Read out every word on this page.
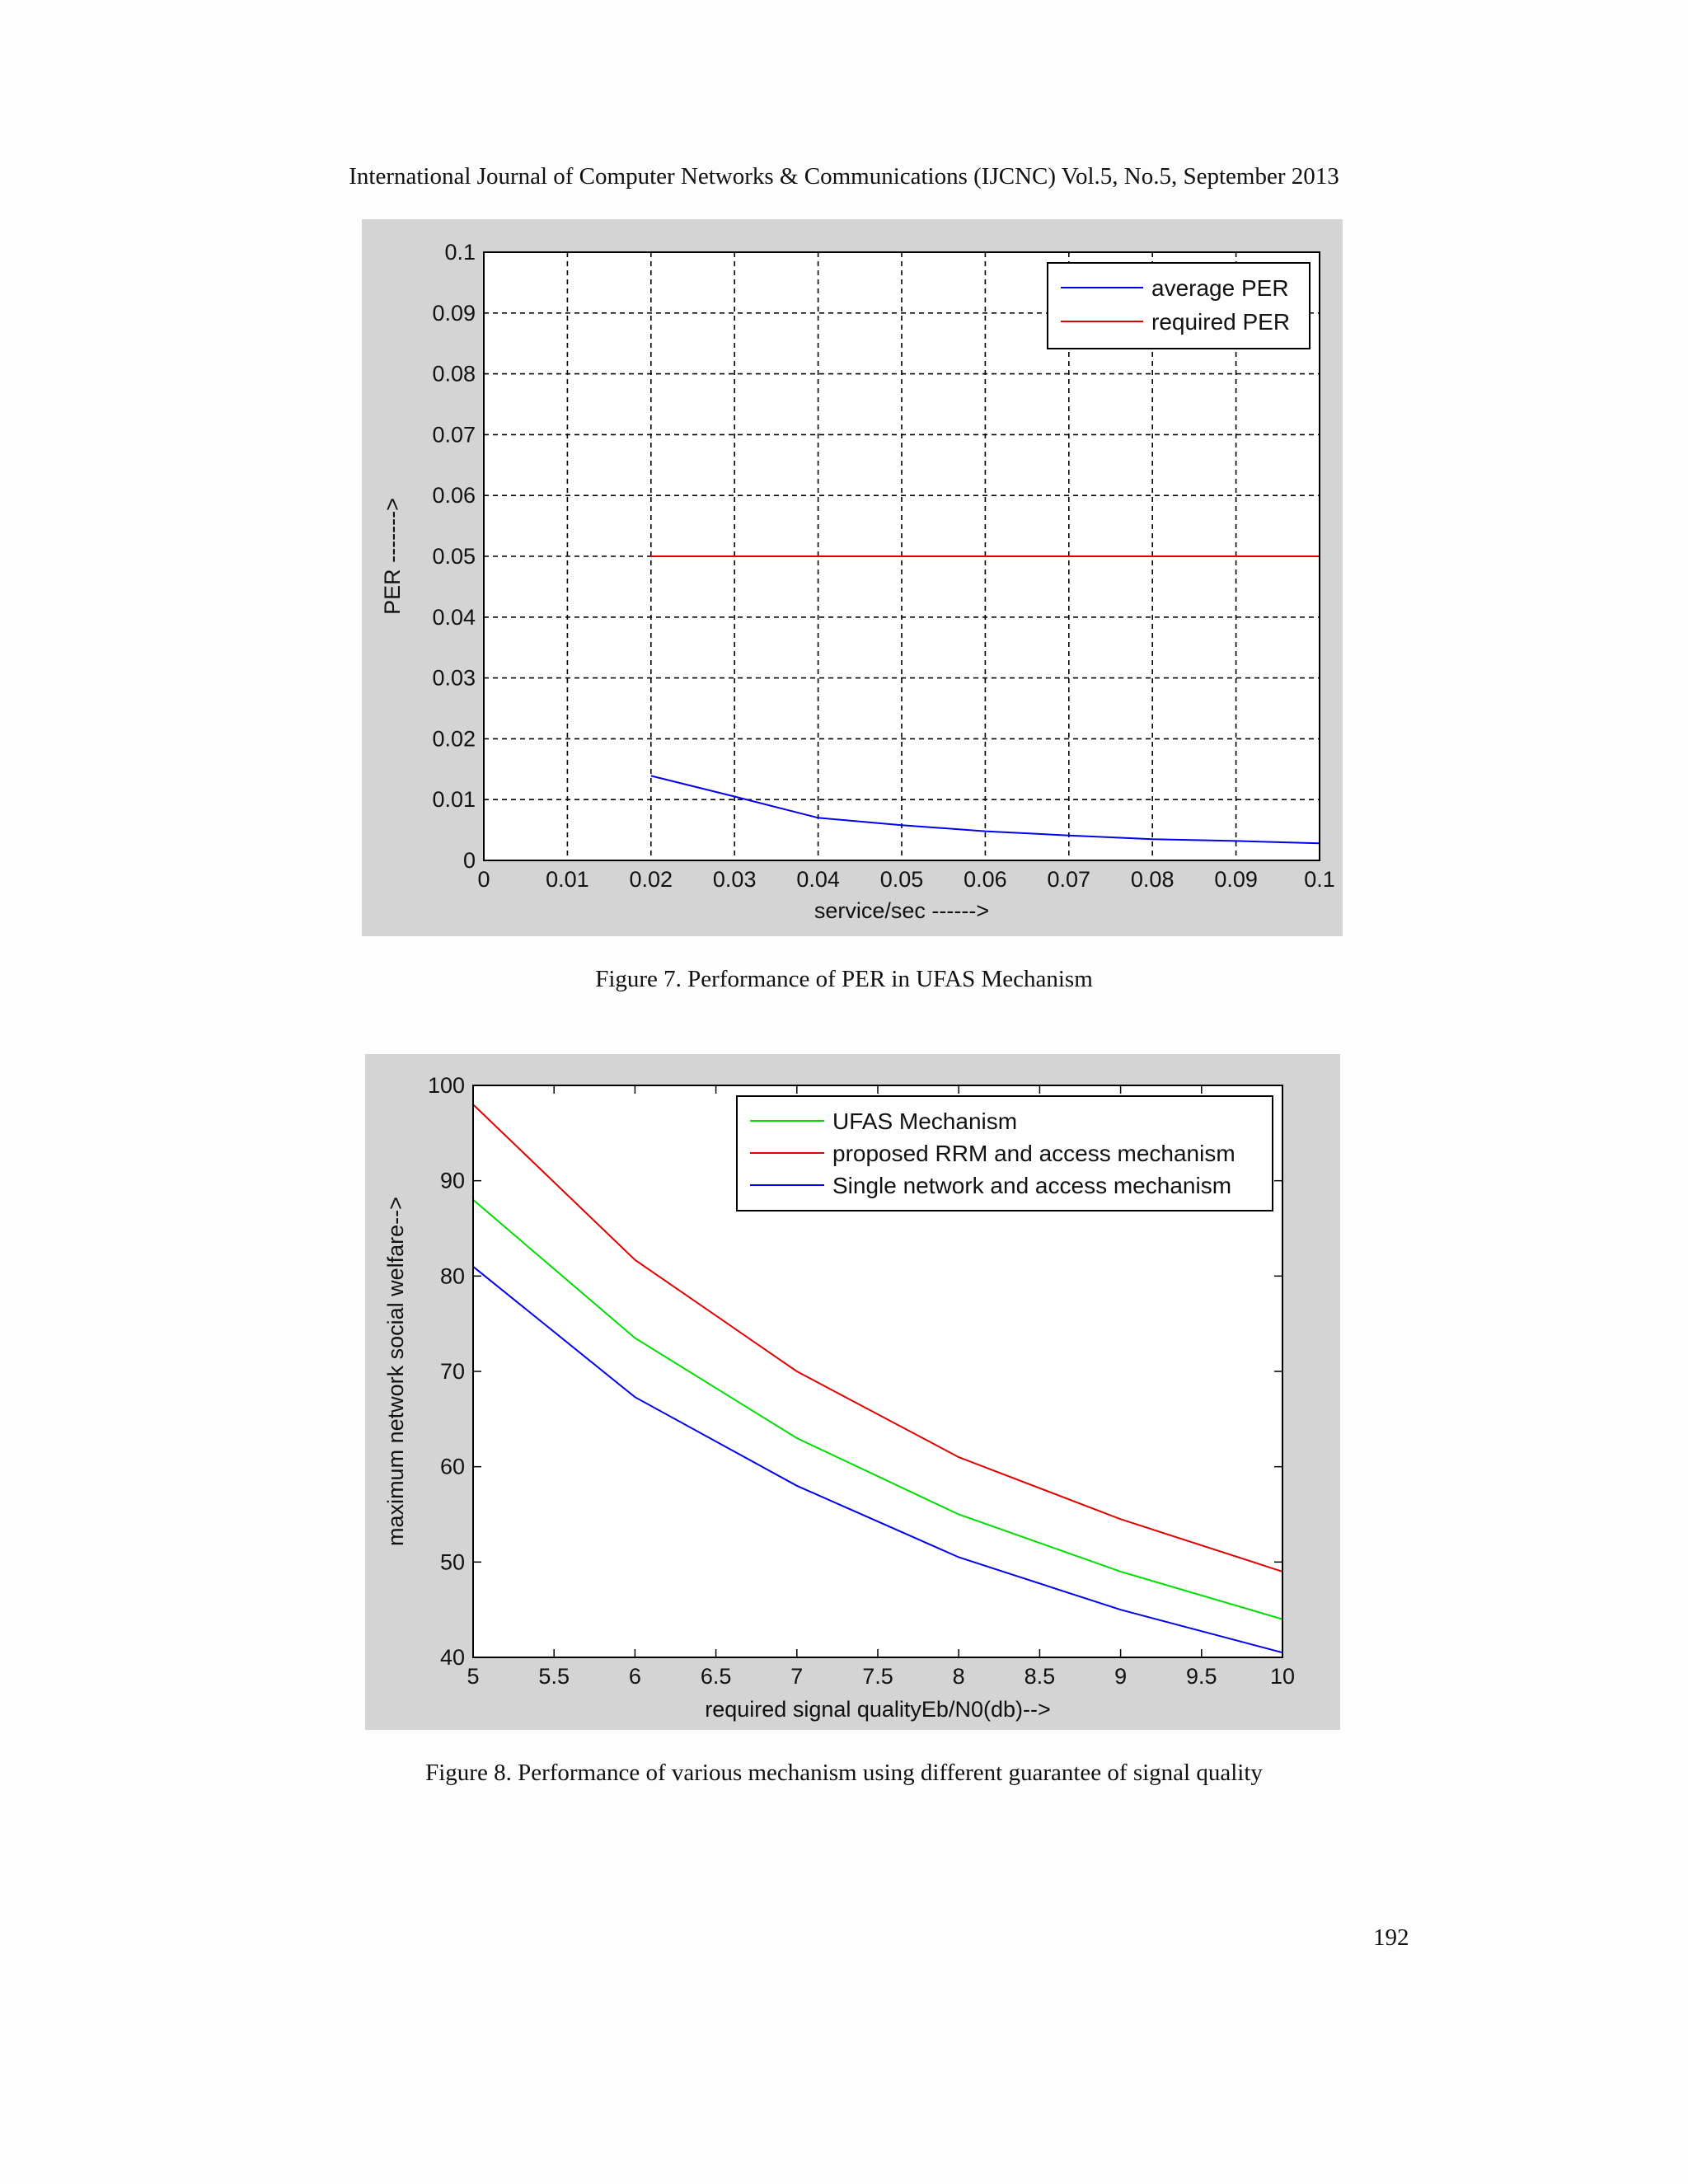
International Journal of Computer Networks & Communications (IJCNC) Vol.5, No.5, September 2013
0	0.01 0.02 0.03 0.04 0.05 0.06 0.07 0.08 0.09 0.1
0
0.01
0.02
0.03
0.04
0.05
0.06
0.07
0.08
0.09
0.1
average PER
required PER
service/sec ------>
PER ------->
Figure 7. Performance of PER in UFAS Mechanism
5	5.5	6	6.5	7	7.5	8	8.5	9	9.5 10
40
50
60
70
80
90
100
UFAS Mechanism
proposed RRM and access mechanism
Single network and access mechanism
required signal qualityEb/N0(db)-->
maximum network social welfare-->
Figure 8. Performance of various mechanism using different guarantee of signal quality
192
